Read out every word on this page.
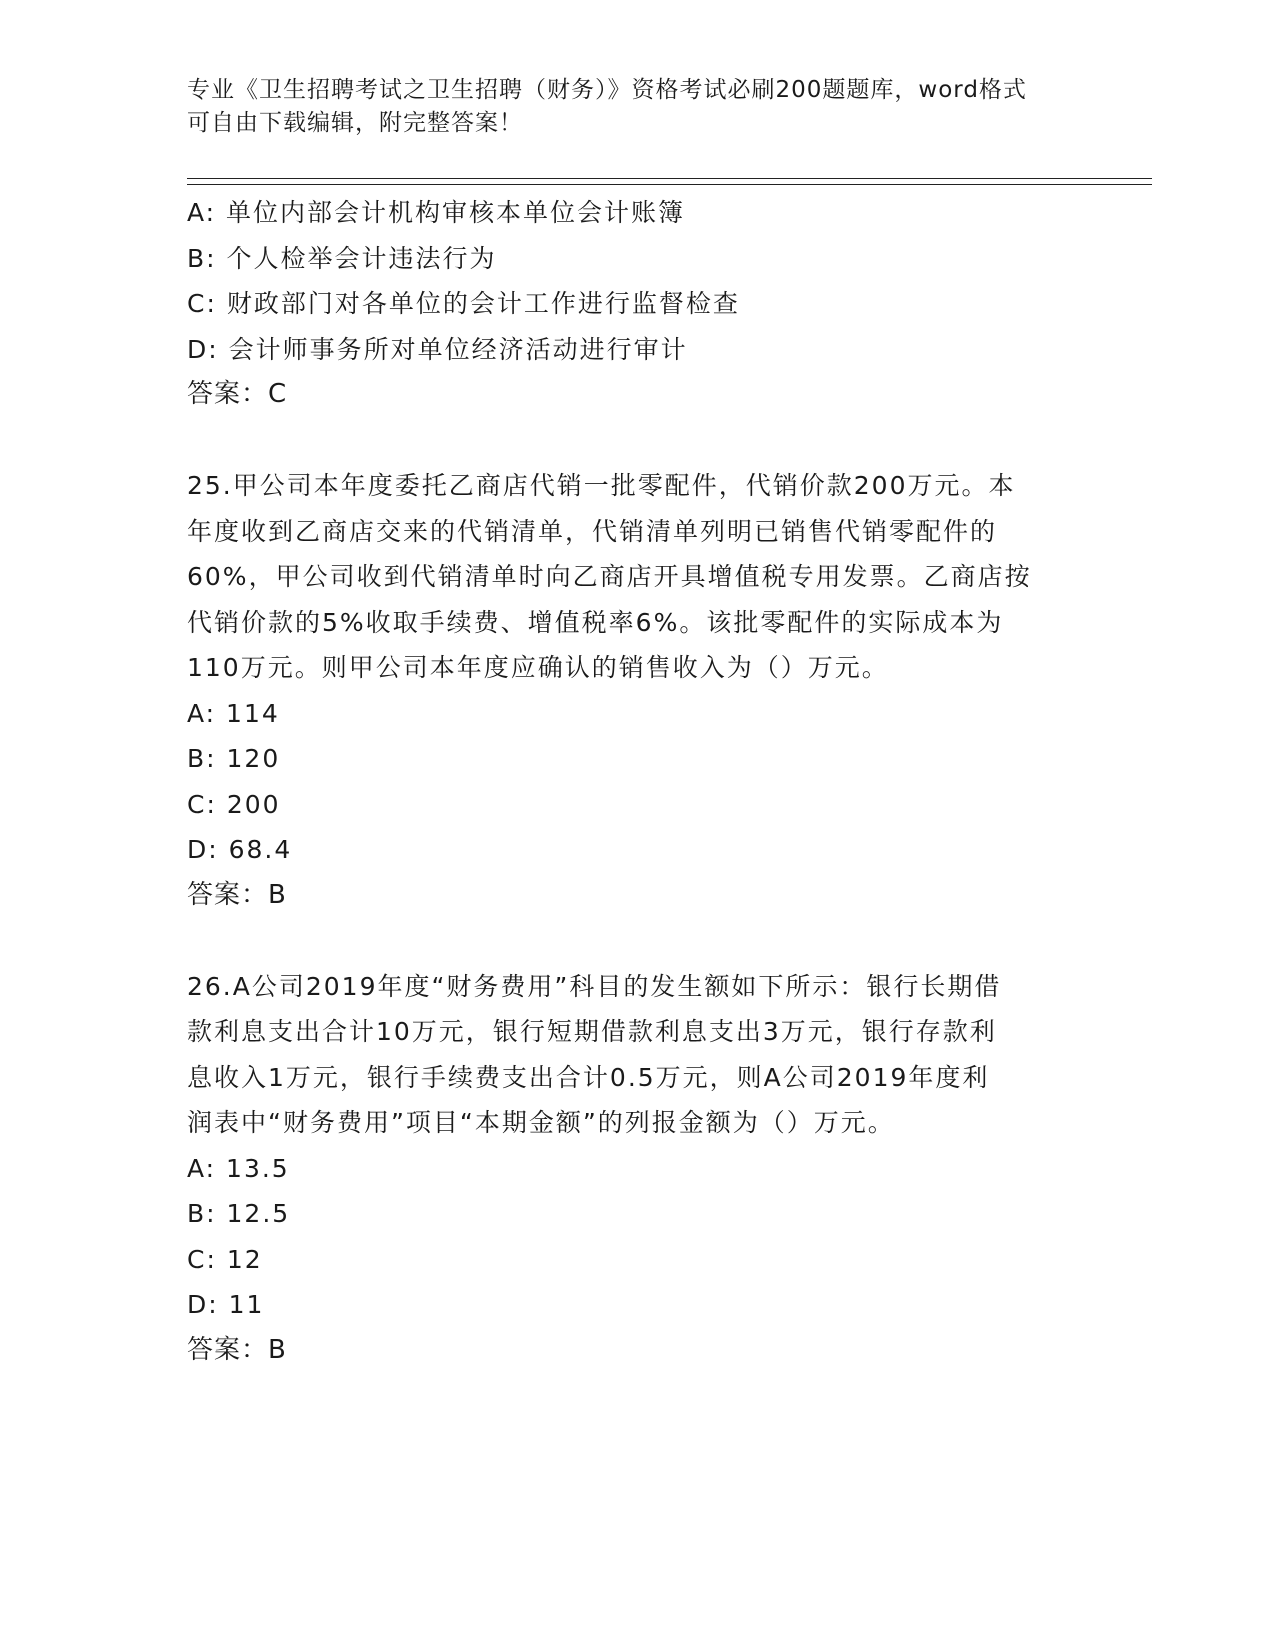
专业《卫生招聘考试之卫生招聘（财务）》资格考试必刷200题题库，word格式
可自由下载编辑，附完整答案！
A: 单位内部会计机构审核本单位会计账簿
B: 个人检举会计违法行为
C: 财政部门对各单位的会计工作进行监督检查
D: 会计师事务所对单位经济活动进行审计
答案：C
25.甲公司本年度委托乙商店代销一批零配件，代销价款200万元。本
年度收到乙商店交来的代销清单，代销清单列明已销售代销零配件的
60%，甲公司收到代销清单时向乙商店开具增值税专用发票。乙商店按
代销价款的5%收取手续费、增值税率6%。该批零配件的实际成本为
110万元。则甲公司本年度应确认的销售收入为（）万元。
A: 114
B: 120
C: 200
D: 68.4
答案：B
26.A公司2019年度“财务费用”科目的发生额如下所示：银行长期借
款利息支出合计10万元，银行短期借款利息支出3万元，银行存款利
息收入1万元，银行手续费支出合计0.5万元，则A公司2019年度利
润表中“财务费用”项目“本期金额”的列报金额为（）万元。
A: 13.5
B: 12.5
C: 12
D: 11
答案：B
